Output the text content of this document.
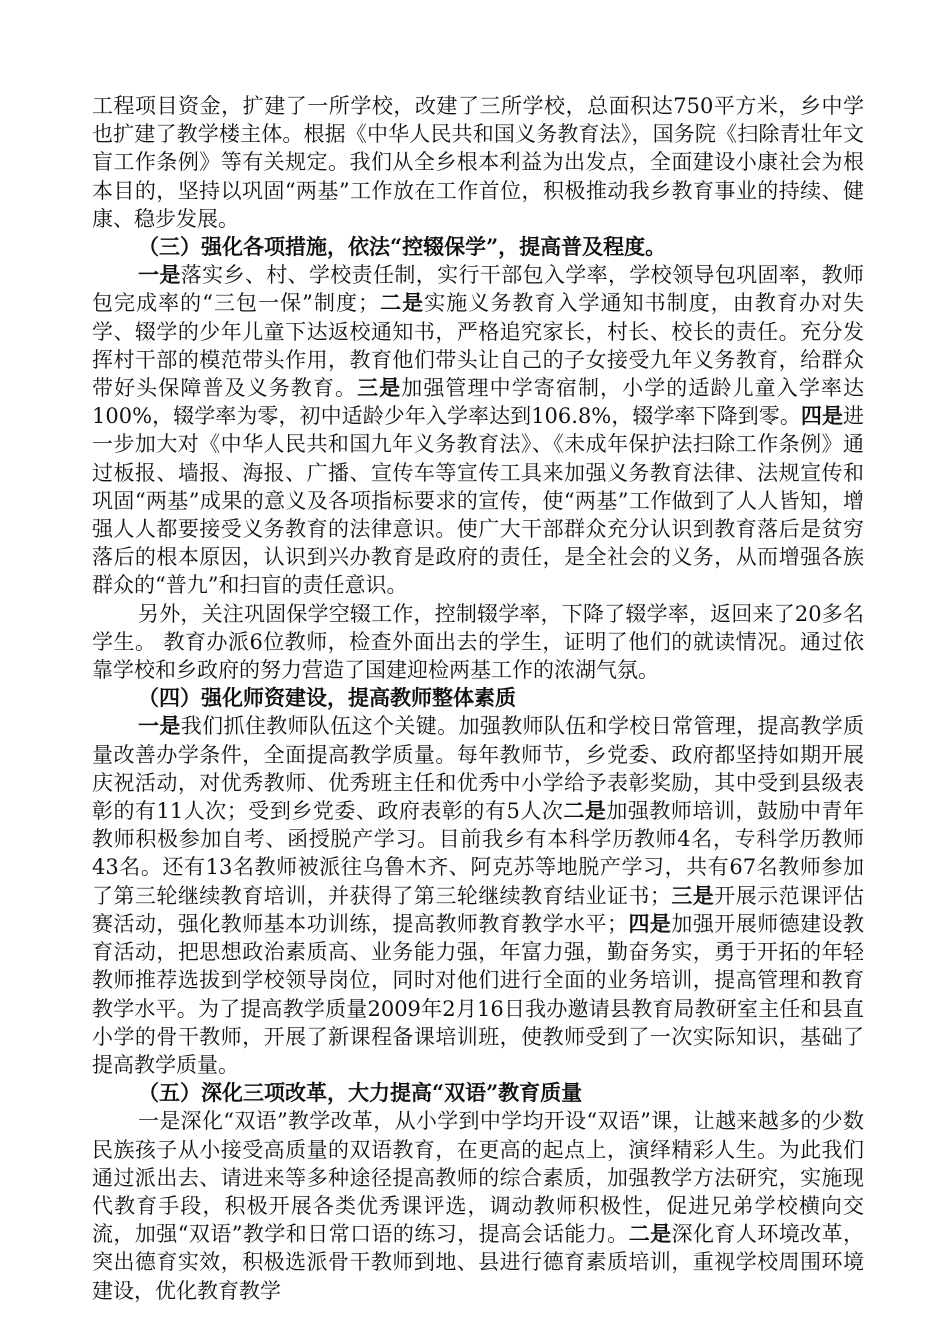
工程项目资金，扩建了一所学校，改建了三所学校，总面积达750平方米，乡中学也扩建了教学楼主体。根据《中华人民共和国义务教育法》，国务院《扫除青壮年文盲工作条例》等有关规定。我们从全乡根本利益为出发点，全面建设小康社会为根本目的，坚持以巩固“两基”工作放在工作首位，积极推动我乡教育事业的持续、健康、稳步发展。

（三）强化各项措施，依法“控辍保学”，提高普及程度。

一是落实乡、村、学校责任制，实行干部包入学率，学校领导包巩固率，教师包完成率的“三包一保”制度；二是实施义务教育入学通知书制度，由教育办对失学、辍学的少年儿童下达返校通知书，严格追究家长，村长、校长的责任。充分发挥村干部的模范带头作用，教育他们带头让自己的子女接受九年义务教育，给群众带好头保障普及义务教育。三是加强管理中学寄宿制，小学的适龄儿童入学率达100%，辍学率为零，初中适龄少年入学率达到106.8%，辍学率下降到零。四是进一步加大对《中华人民共和国九年义务教育法》、《未成年保护法扫除工作条例》通过板报、墙报、海报、广播、宣传车等宣传工具来加强义务教育法律、法规宣传和巩固“两基”成果的意义及各项指标要求的宣传，使“两基”工作做到了人人皆知，增强人人都要接受义务教育的法律意识。使广大干部群众充分认识到教育落后是贫穷落后的根本原因，认识到兴办教育是政府的责任，是全社会的义务，从而增强各族群众的“普九”和扫盲的责任意识。

另外，关注巩固保学空辍工作，控制辍学率，下降了辍学率，返回来了20多名学生。 教育办派6位教师，检查外面出去的学生，证明了他们的就读情况。通过依靠学校和乡政府的努力营造了国建迎检两基工作的浓湖气氛。

（四）强化师资建设，提高教师整体素质

一是我们抓住教师队伍这个关键。加强教师队伍和学校日常管理，提高教学质量改善办学条件，全面提高教学质量。每年教师节，乡党委、政府都坚持如期开展庆祝活动，对优秀教师、优秀班主任和优秀中小学给予表彰奖励，其中受到县级表彰的有11人次；受到乡党委、政府表彰的有5人次二是加强教师培训，鼓励中青年教师积极参加自考、函授脱产学习。目前我乡有本科学历教师4名，专科学历教师43名。还有13名教师被派往乌鲁木齐、阿克苏等地脱产学习，共有67名教师参加了第三轮继续教育培训，并获得了第三轮继续教育结业证书；三是开展示范课评估赛活动，强化教师基本功训练，提高教师教育教学水平；四是加强开展师德建设教育活动，把思想政治素质高、业务能力强，年富力强，勤奋务实，勇于开拓的年轻教师推荐选拔到学校领导岗位，同时对他们进行全面的业务培训，提高管理和教育教学水平。为了提高教学质量2009年2月16日我办邀请县教育局教研室主任和县直小学的骨干教师，开展了新课程备课培训班，使教师受到了一次实际知识，基础了提高教学质量。

（五）深化三项改革，大力提高“双语”教育质量

一是深化“双语”教学改革，从小学到中学均开设“双语”课，让越来越多的少数民族孩子从小接受高质量的双语教育，在更高的起点上，演绎精彩人生。为此我们通过派出去、请进来等多种途径提高教师的综合素质，加强教学方法研究，实施现代教育手段，积极开展各类优秀课评选，调动教师积极性，促进兄弟学校横向交流，加强“双语”教学和日常口语的练习，提高会话能力。二是深化育人环境改革，突出德育实效，积极选派骨干教师到地、县进行德育素质培训，重视学校周围环境建设，优化教育教学
